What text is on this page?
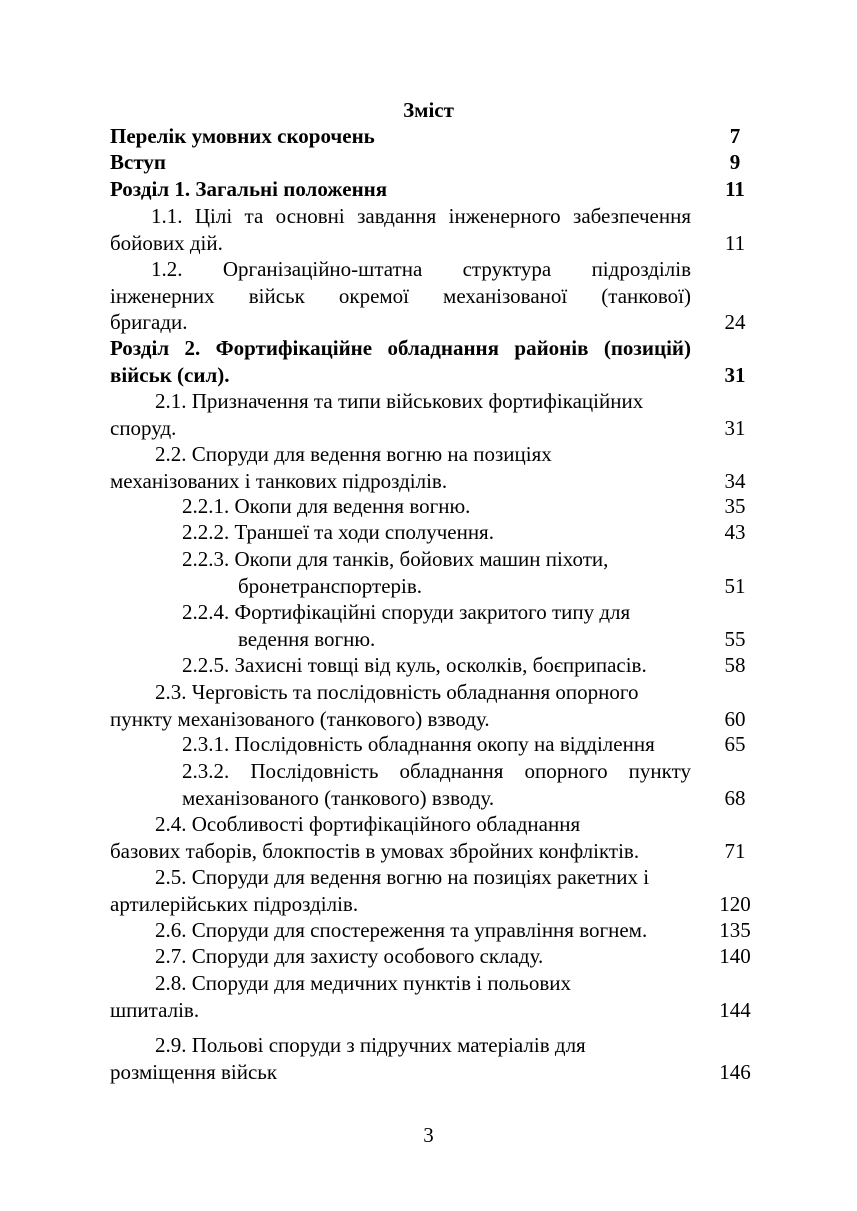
Зміст
Перелік умовних скорочень	7
Вступ	9
Розділ 1. Загальні положення	11
1.1. Цілі та основні завдання інженерного забезпечення
бойових дій.	11
1.2. Організаційно-штатна структура підрозділів
інженерних військ окремої механізованої (танкової)
бригади.	24
Розділ 2. Фортифікаційне обладнання районів (позицій)
військ (сил).	31
2.1. Призначення та типи військових фортифікаційних
споруд.	31
2.2. Споруди для ведення вогню на позиціях
механізованих і танкових підрозділів.	34
2.2.1. Окопи для ведення вогню.	35
2.2.2. Траншеї та ходи сполучення.	43
2.2.3. Окопи для танків, бойових машин піхоти,
бронетранспортерів.	51
2.2.4. Фортифікаційні споруди закритого типу для
ведення вогню.	55
2.2.5. Захисні товщі від куль, осколків, боєприпасів.	58
2.3. Черговість та послідовність обладнання опорного
пункту механізованого (танкового) взводу.	60
2.3.1. Послідовність обладнання окопу на відділення	65
2.3.2. Послідовність обладнання опорного пункту
механізованого (танкового) взводу.	68
2.4. Особливості фортифікаційного обладнання
базових таборів, блокпостів в умовах збройних конфліктів.	71
2.5. Споруди для ведення вогню на позиціях ракетних і
артилерійських підрозділів.	120
2.6. Споруди для спостереження та управління вогнем.	135
2.7. Споруди для захисту особового складу.	140
2.8. Споруди для медичних пунктів і польових
шпиталів.	144
2.9. Польові споруди з підручних матеріалів для
розміщення військ	146
3
